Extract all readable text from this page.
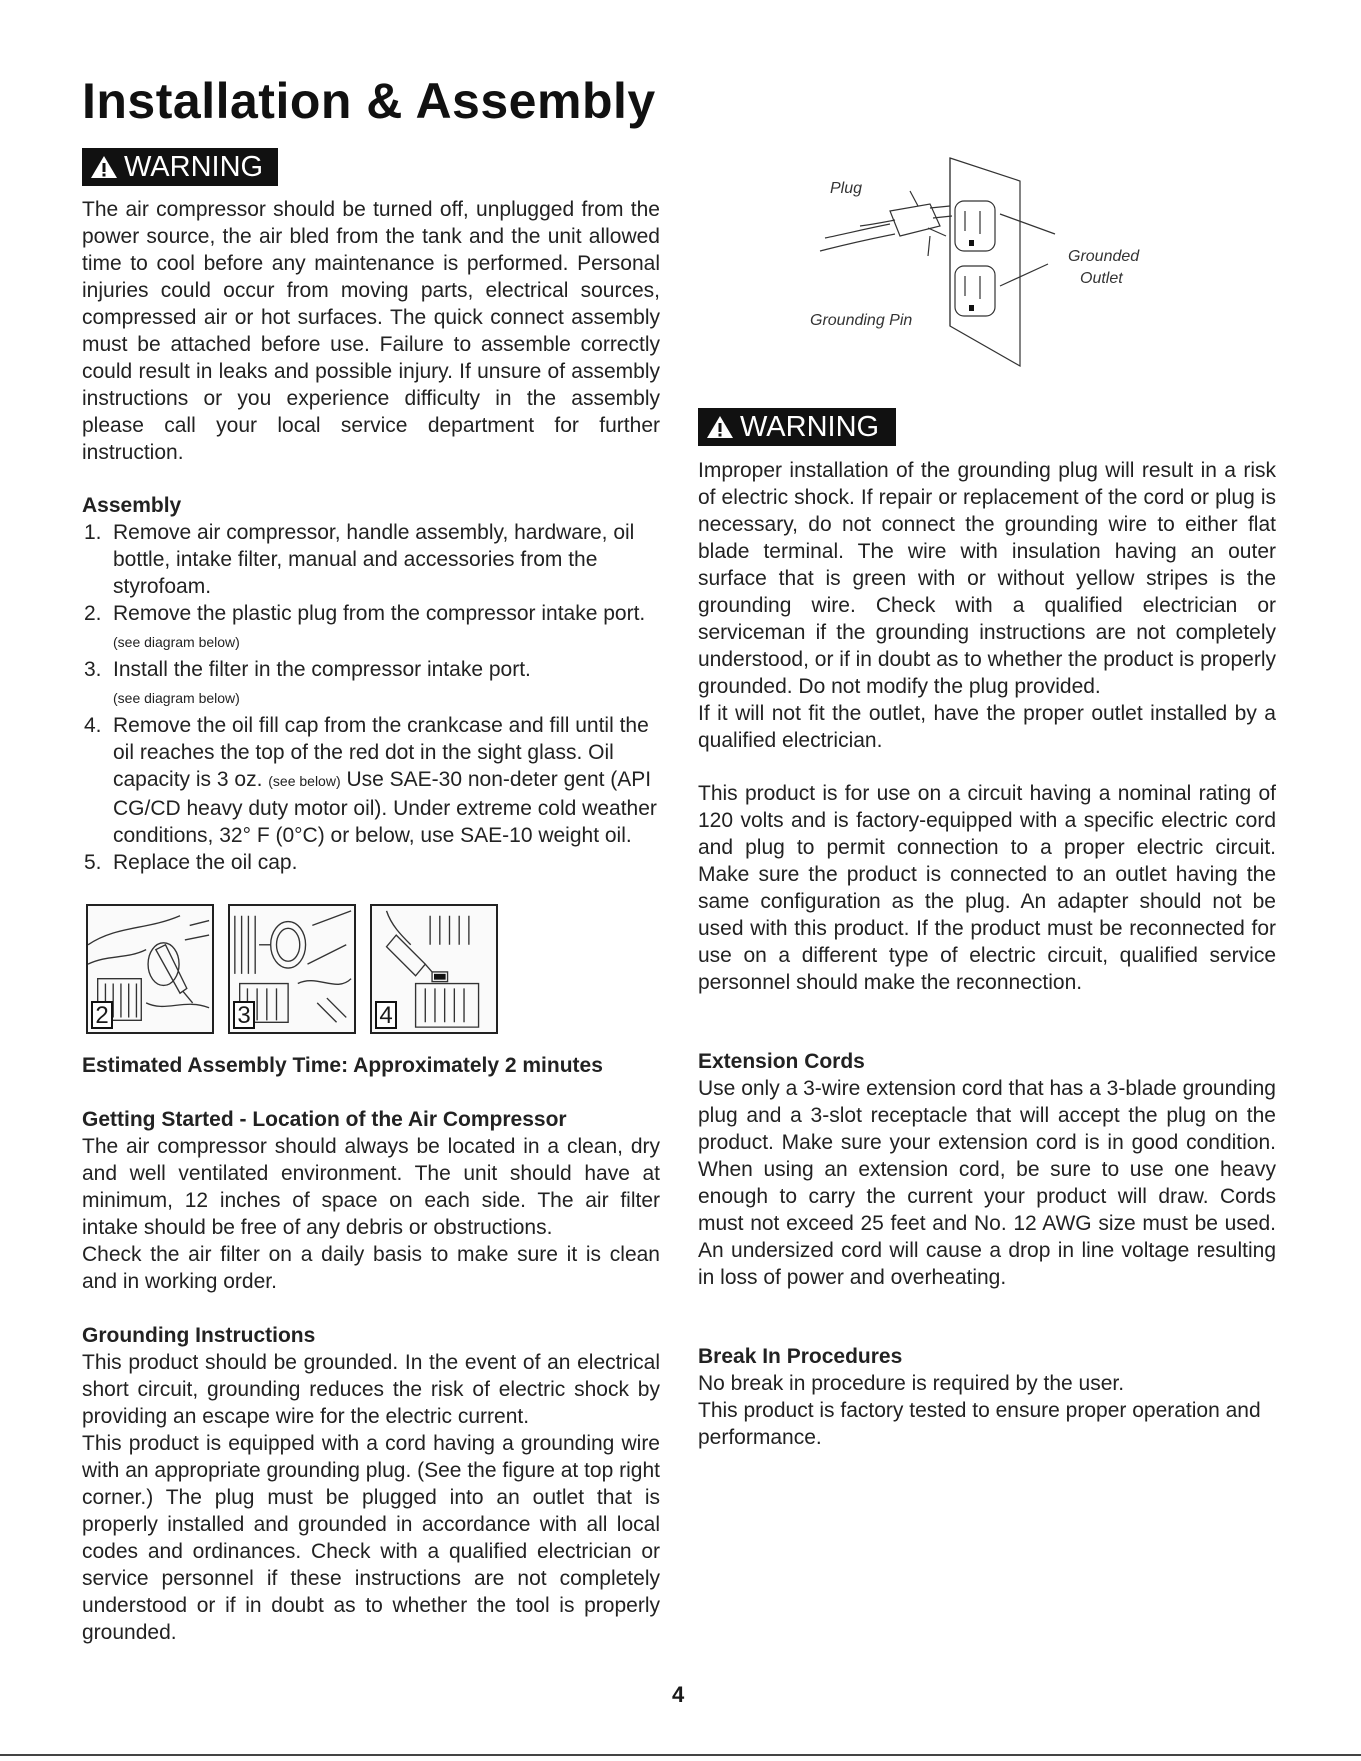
Installation & Assembly
WARNING

The air compressor should be turned off, unplugged from the power source, the air bled from the tank and the unit allowed time to cool before any maintenance is performed. Personal injuries could occur from moving parts, electrical sources, compressed air or hot surfaces. The quick connect assembly must be attached before use. Failure to assemble correctly could result in leaks and possible injury. If unsure of assembly instructions or you experience difficulty in the assembly please call your local service department for further instruction.

Assembly

1. Remove air compressor, handle assembly, hardware, oil bottle, intake filter, manual and accessories from the styrofoam.
2. Remove the plastic plug from the compressor intake port. (see diagram below)
3. Install the filter in the compressor intake port.
(see diagram below)
4. Remove the oil fill cap from the crankcase and fill until the oil reaches the top of the red dot in the sight glass. Oil capacity is 3 oz. (see below) Use SAE-30 non-deter gent (API CG/CD heavy duty motor oil). Under extreme cold weather conditions, 32° F (0°C) or below, use SAE-10 weight oil.
5. Replace the oil cap.
2	3	4

Estimated Assembly Time: Approximately 2 minutes

Getting Started - Location of the Air Compressor

The air compressor should always be located in a clean, dry and well ventilated environment. The unit should have at minimum, 12 inches of space on each side. The air filter intake should be free of any debris or obstructions.

Check the air filter on a daily basis to make sure it is clean and in working order.

Grounding Instructions

This product should be grounded. In the event of an electrical short circuit, grounding reduces the risk of electric shock by providing an escape wire for the electric current.

This product is equipped with a cord having a grounding wire with an appropriate grounding plug. (See the figure at top right corner.) The plug must be plugged into an outlet that is properly installed and grounded in accordance with all local codes and ordinances. Check with a qualified electrician or service personnel if these instructions are not completely understood or if in doubt as to whether the tool is properly grounded.

Plug
Grounded
Outlet
Grounding Pin
WARNING

Improper installation of the grounding plug will result in a risk of electric shock. If repair or replacement of the cord or plug is necessary, do not connect the grounding wire to either flat blade terminal. The wire with insulation having an outer surface that is green with or without yellow stripes is the grounding wire. Check with a qualified electrician or serviceman if the grounding instructions are not completely understood, or if in doubt as to whether the product is properly grounded. Do not modify the plug provided.

If it will not fit the outlet, have the proper outlet installed by a qualified electrician.

This product is for use on a circuit having a nominal rating of 120 volts and is factory-equipped with a specific electric cord and plug to permit connection to a proper electric circuit. Make sure the product is connected to an outlet having the same configuration as the plug. An adapter should not be used with this product. If the product must be reconnected for use on a different type of electric circuit, qualified service personnel should make the reconnection.

Extension Cords

Use only a 3-wire extension cord that has a 3-blade grounding plug and a 3-slot receptacle that will accept the plug on the product. Make sure your extension cord is in good condition. When using an extension cord, be sure to use one heavy enough to carry the current your product will draw. Cords must not exceed 25 feet and No. 12 AWG size must be used. An undersized cord will cause a drop in line voltage resulting in loss of power and overheating.

Break In Procedures

No break in procedure is required by the user.

This product is factory tested to ensure proper operation and performance.

4
